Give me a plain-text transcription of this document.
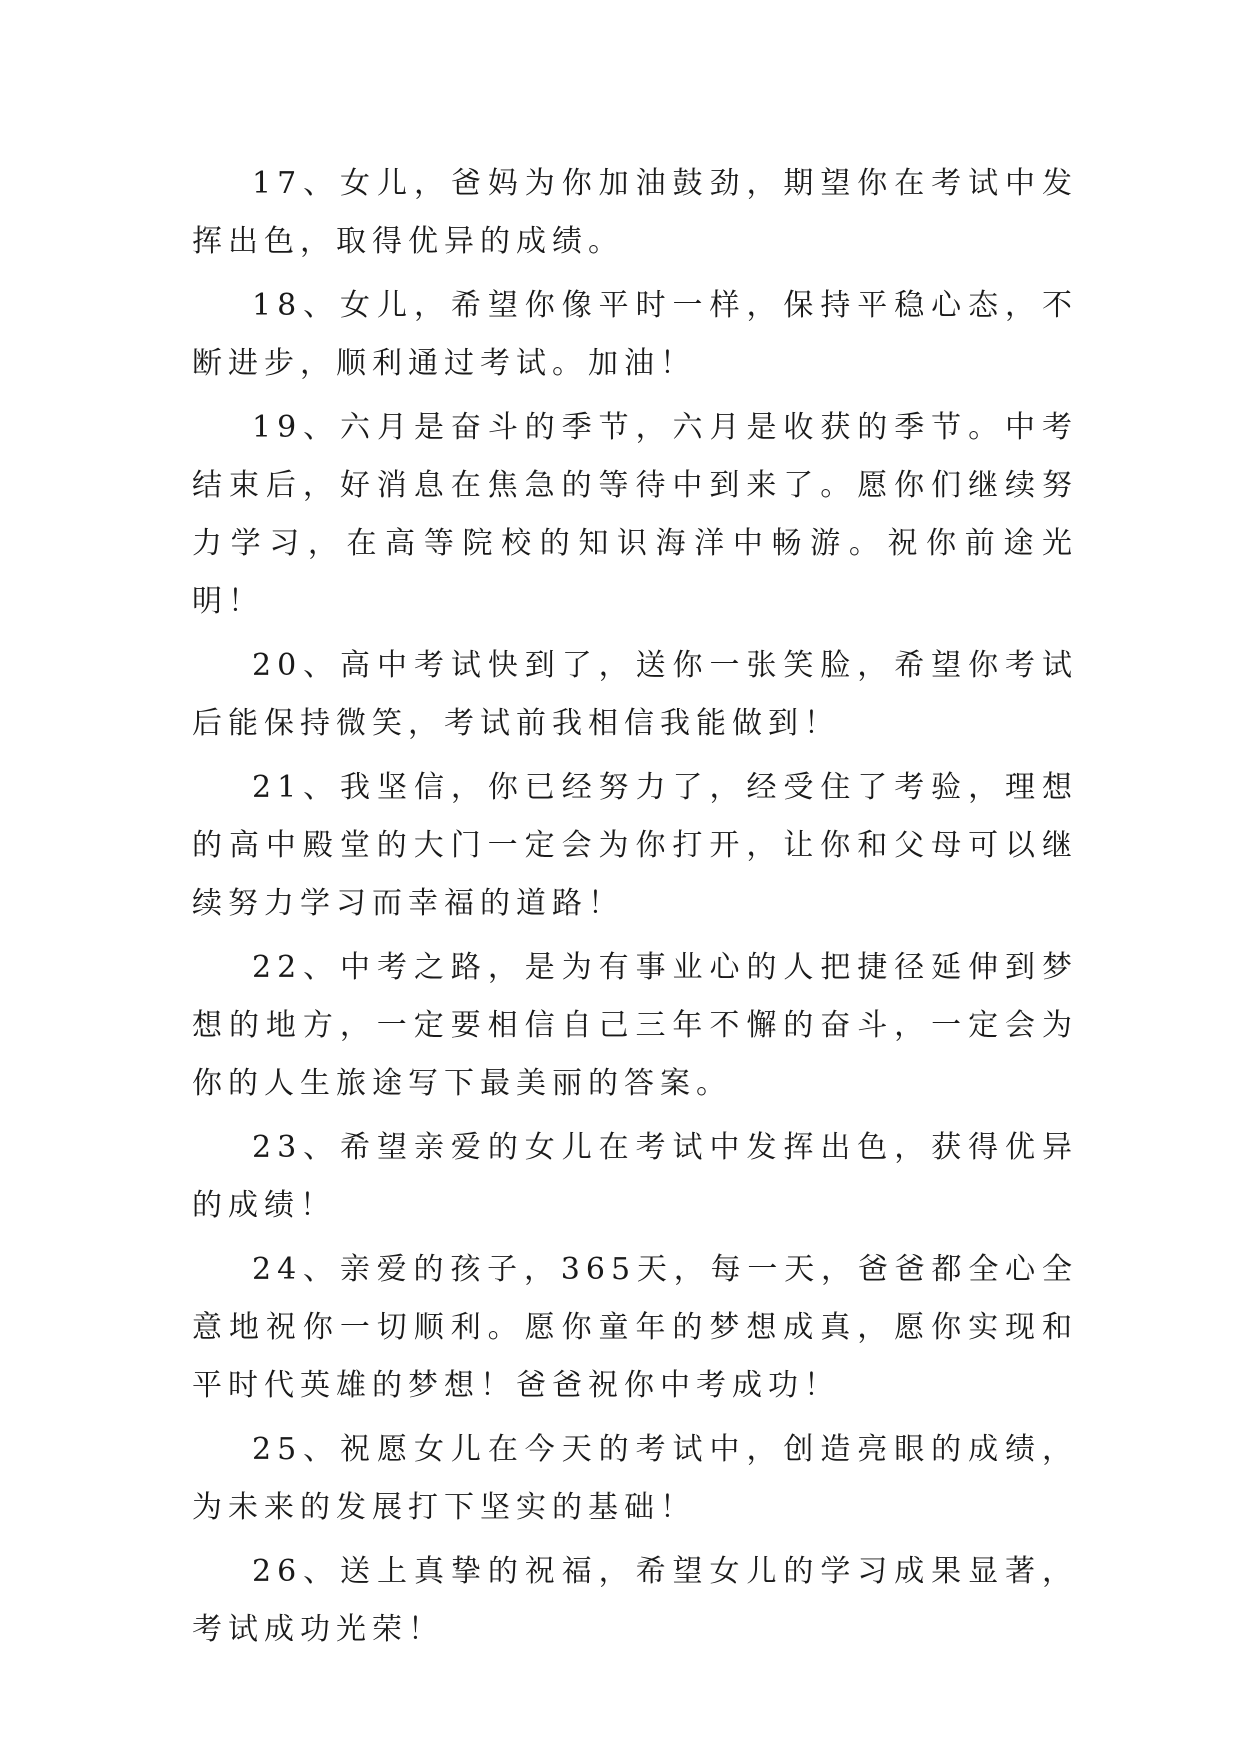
17、女儿，爸妈为你加油鼓劲，期望你在考试中发挥出色，取得优异的成绩。

18、女儿，希望你像平时一样，保持平稳心态，不断进步，顺利通过考试。加油！

19、六月是奋斗的季节，六月是收获的季节。中考结束后，好消息在焦急的等待中到来了。愿你们继续努力学习，在高等院校的知识海洋中畅游。祝你前途光明！

20、高中考试快到了，送你一张笑脸，希望你考试后能保持微笑，考试前我相信我能做到！

21、我坚信，你已经努力了，经受住了考验，理想的高中殿堂的大门一定会为你打开，让你和父母可以继续努力学习而幸福的道路！

22、中考之路，是为有事业心的人把捷径延伸到梦想的地方，一定要相信自己三年不懈的奋斗，一定会为你的人生旅途写下最美丽的答案。

23、希望亲爱的女儿在考试中发挥出色，获得优异的成绩！

24、亲爱的孩子，365天，每一天，爸爸都全心全意地祝你一切顺利。愿你童年的梦想成真，愿你实现和平时代英雄的梦想！爸爸祝你中考成功！

25、祝愿女儿在今天的考试中，创造亮眼的成绩，为未来的发展打下坚实的基础！

26、送上真挚的祝福，希望女儿的学习成果显著，考试成功光荣！
